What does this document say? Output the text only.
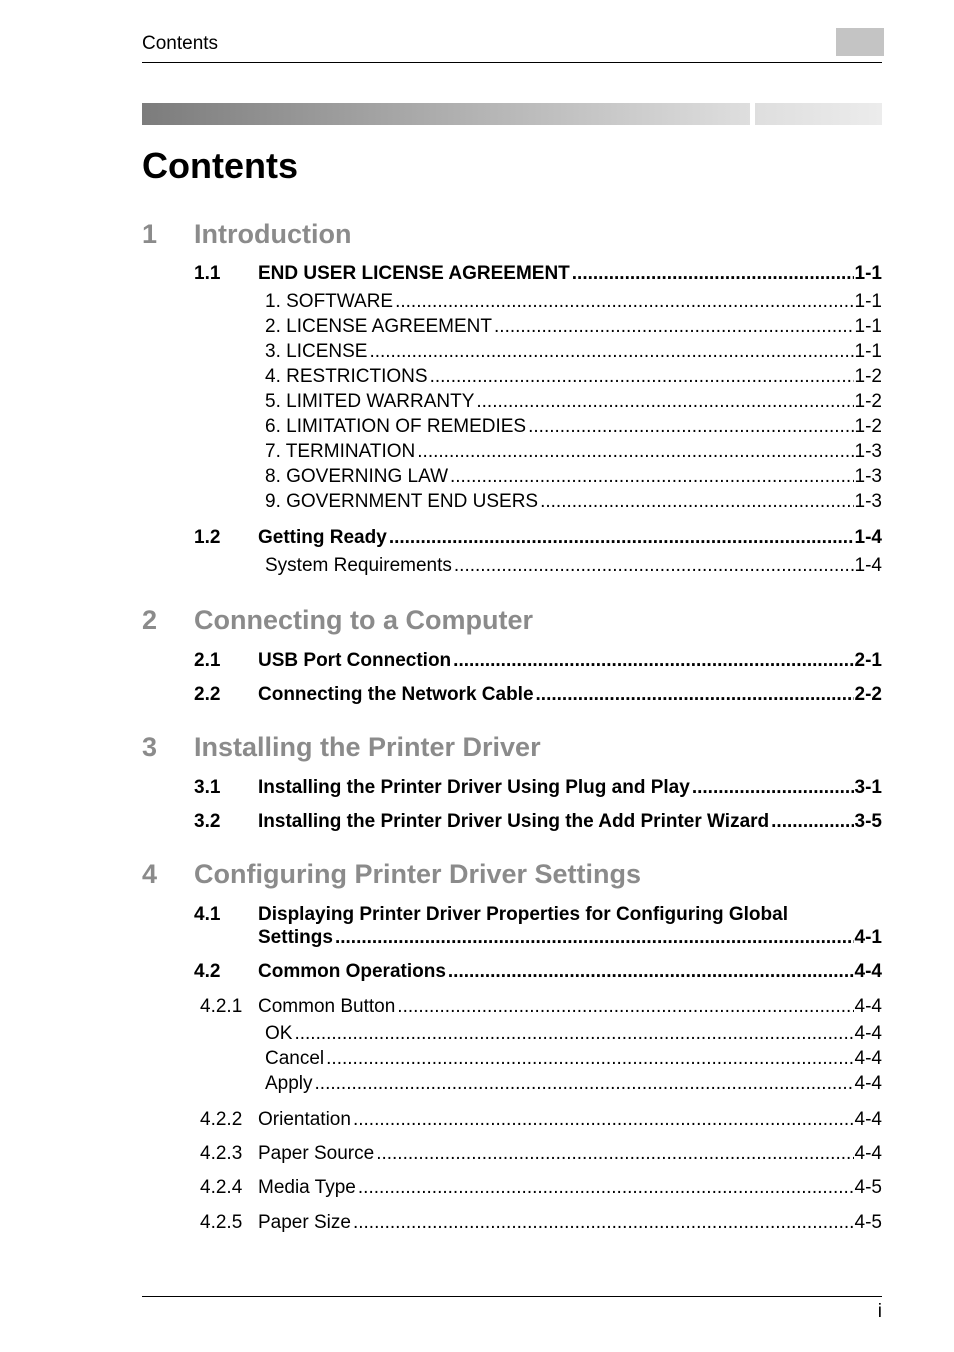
Contents
Contents
1 Introduction
1.1	END USER LICENSE AGREEMENT .....	1-1
1. SOFTWARE .....	1-1
2. LICENSE AGREEMENT .....	1-1
3. LICENSE .....	1-1
4. RESTRICTIONS .....	1-2
5. LIMITED WARRANTY .....	1-2
6. LIMITATION OF REMEDIES .....	1-2
7. TERMINATION .....	1-3
8. GOVERNING LAW .....	1-3
9. GOVERNMENT END USERS .....	1-3
1.2	Getting Ready .....	1-4
System Requirements .....	1-4
2 Connecting to a Computer
2.1	USB Port Connection .....	2-1
2.2	Connecting the Network Cable .....	2-2
3 Installing the Printer Driver
3.1	Installing the Printer Driver Using Plug and Play .....	3-1
3.2	Installing the Printer Driver Using the Add Printer Wizard .....	3-5
4 Configuring Printer Driver Settings
4.1 Displaying Printer Driver Properties for Configuring Global
Settings .....	4-1
4.2	Common Operations .....	4-4
4.2.1 Common Button .....	4-4
OK .....	4-4
Cancel .....	4-4
Apply .....	4-4
4.2.2 Orientation .....	4-4
4.2.3 Paper Source .....	4-4
4.2.4 Media Type .....	4-5
4.2.5 Paper Size .....	4-5
i
